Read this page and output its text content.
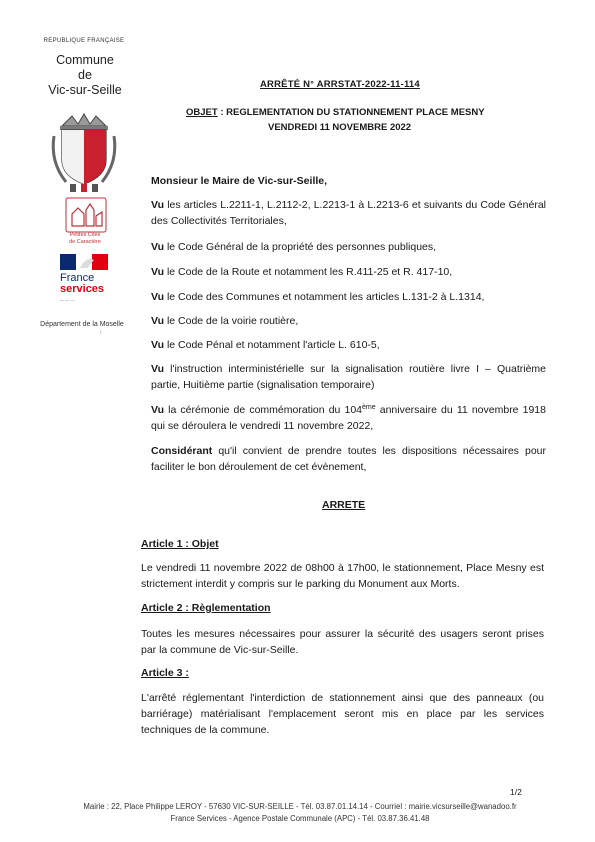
REPUBLIQUE FRANÇAISE
Commune
de
Vic-sur-Seille
Petites Cités
de Caractère
France
services
— — —
Département de la Moselle
ı
ARRÊTÉ N° ARRSTAT-2022-11-114
OBJET : REGLEMENTATION DU STATIONNEMENT PLACE MESNY
VENDREDI 11 NOVEMBRE 2022
Monsieur le Maire de Vic-sur-Seille,
Vu les articles L.2211-1, L.2112-2, L.2213-1 à L.2213-6 et suivants du Code Général des Collectivités Territoriales,
Vu le Code Général de la propriété des personnes publiques,
Vu le Code de la Route et notamment les R.411-25 et R. 417-10,
Vu le Code des Communes et notamment les articles L.131-2 à L.1314,
Vu le Code de la voirie routière,
Vu le Code Pénal et notamment l'article L. 610-5,
Vu l'instruction interministérielle sur la signalisation routière livre I – Quatrième partie, Huitième partie (signalisation temporaire)
Vu la cérémonie de commémoration du 104ème anniversaire du 11 novembre 1918 qui se déroulera le vendredi 11 novembre 2022,
Considérant qu'il convient de prendre toutes les dispositions nécessaires pour faciliter le bon déroulement de cet évènement,
ARRETE
Article 1 : Objet
Le vendredi 11 novembre 2022 de 08h00 à 17h00, le stationnement, Place Mesny est strictement interdit y compris sur le parking du Monument aux Morts.
Article 2 : Règlementation
Toutes les mesures nécessaires pour assurer la sécurité des usagers seront prises par la commune de Vic-sur-Seille.
Article 3 :
L'arrêté réglementant l'interdiction de stationnement ainsi que des panneaux (ou barriérage) matérialisant l'emplacement seront mis en place par les services techniques de la commune.
1/2
Mairie : 22, Place Philippe LEROY - 57630 VIC-SUR-SEILLE - Tél. 03.87.01.14.14 - Courriel : mairie.vicsurseille@wanadoo.fr
France Services - Agence Postale Communale (APC) - Tél. 03.87.36.41.48
